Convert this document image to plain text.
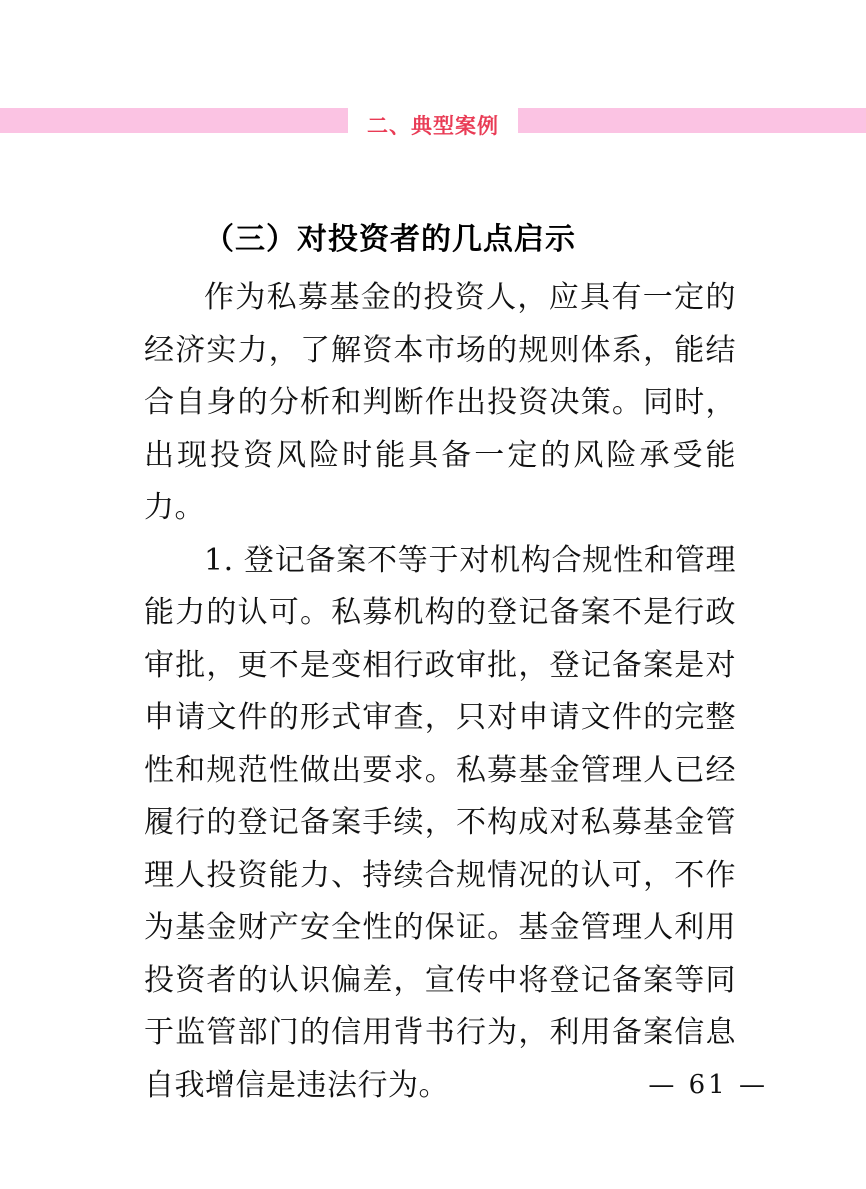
二、典型案例
（三）对投资者的几点启示

作为私募基金的投资人，应具有一定的经济实力，了解资本市场的规则体系，能结合自身的分析和判断作出投资决策。同时，出现投资风险时能具备一定的风险承受能力。

1. 登记备案不等于对机构合规性和管理能力的认可。私募机构的登记备案不是行政审批，更不是变相行政审批，登记备案是对申请文件的形式审查，只对申请文件的完整性和规范性做出要求。私募基金管理人已经履行的登记备案手续，不构成对私募基金管理人投资能力、持续合规情况的认可，不作为基金财产安全性的保证。基金管理人利用投资者的认识偏差，宣传中将登记备案等同于监管部门的信用背书行为，利用备案信息自我增信是违法行为。	— 61 —
